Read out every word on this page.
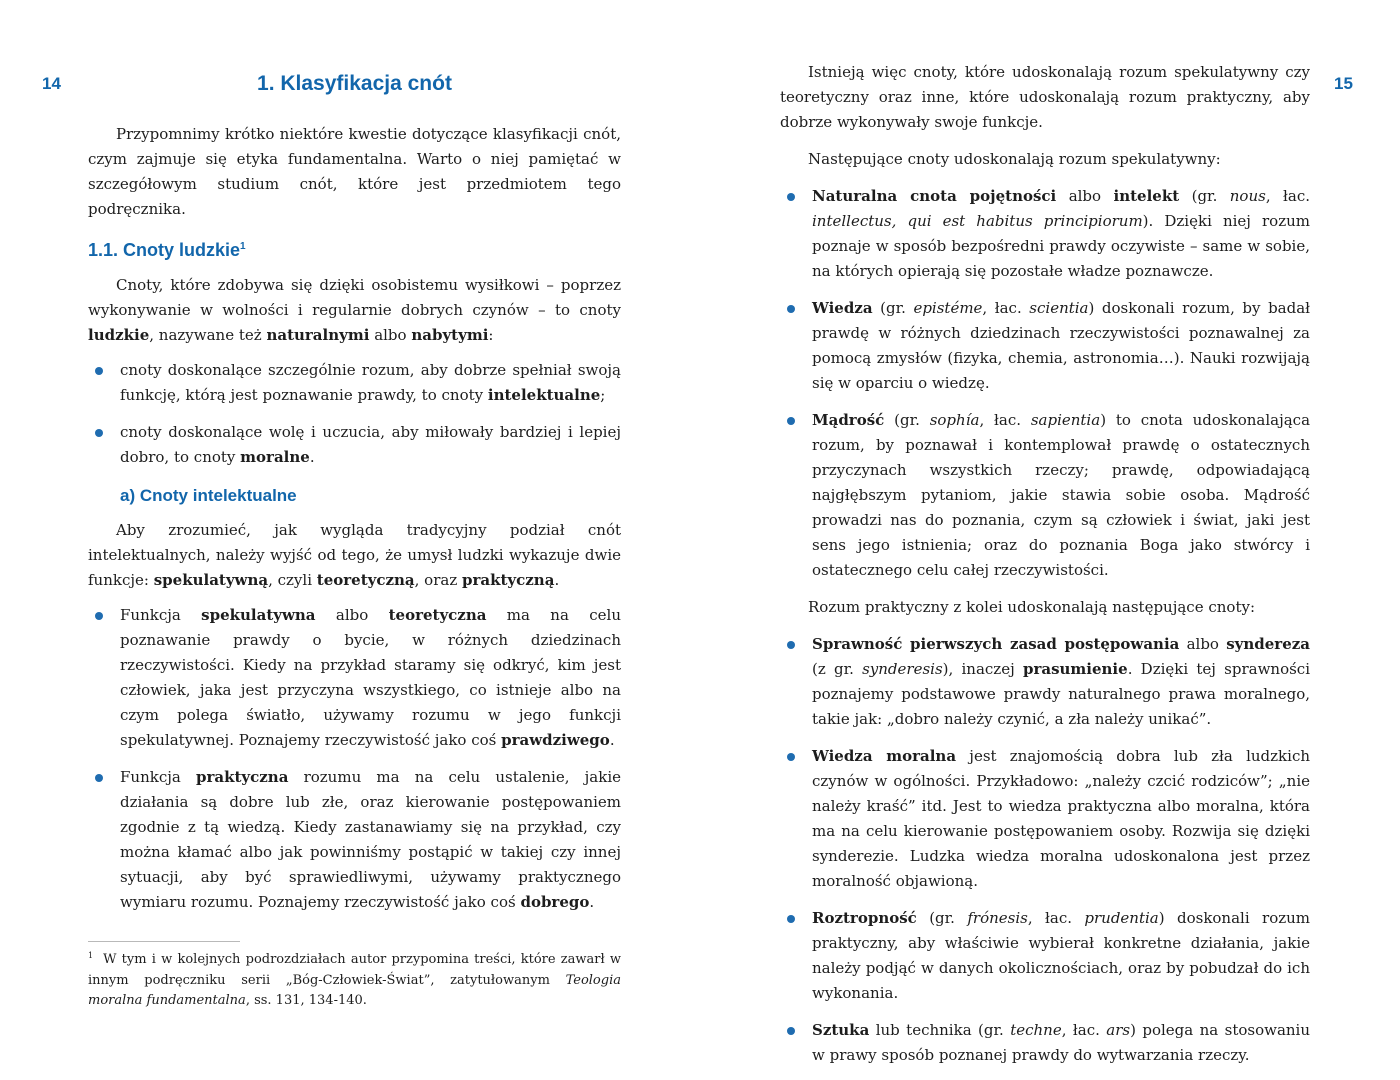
14	15
1. Klasyfikacja cnót

Przypomnimy krótko niektóre kwestie dotyczące klasyfikacji cnót, czym zajmuje się etyka fundamentalna. Warto o niej pamiętać w szczegółowym studium cnót, które jest przedmiotem tego podręcznika.

1.1. Cnoty ludzkie$^1$

Cnoty, które zdobywa się dzięki osobistemu wysiłkowi – poprzez wykonywanie w wolności i regularnie dobrych czynów – to cnoty ludzkie, nazywane też naturalnymi albo nabytymi:

cnoty doskonalące szczególnie rozum, aby dobrze spełniał swoją funkcję, którą jest poznawanie prawdy, to cnoty intelektualne;
cnoty doskonalące wolę i uczucia, aby miłowały bardziej i lepiej dobro, to cnoty moralne.
a) Cnoty intelektualne

Aby zrozumieć, jak wygląda tradycyjny podział cnót intelektualnych, należy wyjść od tego, że umysł ludzki wykazuje dwie funkcje: spekulatywną, czyli teoretyczną, oraz praktyczną.

Funkcja spekulatywna albo teoretyczna ma na celu poznawanie prawdy o bycie, w różnych dziedzinach rzeczywistości. Kiedy na przykład staramy się odkryć, kim jest człowiek, jaka jest przyczyna wszystkiego, co istnieje albo na czym polega światło, używamy rozumu w jego funkcji spekulatywnej. Poznajemy rzeczywistość jako coś prawdziwego.
Funkcja praktyczna rozumu ma na celu ustalenie, jakie działania są dobre lub złe, oraz kierowanie postępowaniem zgodnie z tą wiedzą. Kiedy zastanawiamy się na przykład, czy można kłamać albo jak powinniśmy postąpić w takiej czy innej sytuacji, aby być sprawiedliwymi, używamy praktycznego wymiaru rozumu. Poznajemy rzeczywistość jako coś dobrego.

$^1$ W tym i w kolejnych podrozdziałach autor przypomina treści, które zawarł w innym podręczniku serii „Bóg-Człowiek-Świat”, zatytułowanym Teologia moralna fundamentalna, ss. 131, 134-140.

Istnieją więc cnoty, które udoskonalają rozum spekulatywny czy teoretyczny oraz inne, które udoskonalają rozum praktyczny, aby dobrze wykonywały swoje funkcje.

Następujące cnoty udoskonalają rozum spekulatywny:

Naturalna cnota pojętności albo intelekt (gr. nous, łac. intellectus, qui est habitus principiorum). Dzięki niej rozum poznaje w sposób bezpośredni prawdy oczywiste – same w sobie, na których opierają się pozostałe władze poznawcze.
Wiedza (gr. epistéme, łac. scientia) doskonali rozum, by badał prawdę w różnych dziedzinach rzeczywistości poznawalnej za pomocą zmysłów (fizyka, chemia, astronomia…). Nauki rozwijają się w oparciu o wiedzę.
Mądrość (gr. sophía, łac. sapientia) to cnota udoskonalająca rozum, by poznawał i kontemplował prawdę o ostatecznych przyczynach wszystkich rzeczy; prawdę, odpowiadającą najgłębszym pytaniom, jakie stawia sobie osoba. Mądrość prowadzi nas do poznania, czym są człowiek i świat, jaki jest sens jego istnienia; oraz do poznania Boga jako stwórcy i ostatecznego celu całej rzeczywistości.

Rozum praktyczny z kolei udoskonalają następujące cnoty:

Sprawność pierwszych zasad postępowania albo syndereza (z gr. synderesis), inaczej prasumienie. Dzięki tej sprawności poznajemy podstawowe prawdy naturalnego prawa moralnego, takie jak: „dobro należy czynić, a zła należy unikać”.
Wiedza moralna jest znajomością dobra lub zła ludzkich czynów w ogólności. Przykładowo: „należy czcić rodziców”; „nie należy kraść” itd. Jest to wiedza praktyczna albo moralna, która ma na celu kierowanie postępowaniem osoby. Rozwija się dzięki synderezie. Ludzka wiedza moralna udoskonalona jest przez moralność objawioną.
Roztropność (gr. frónesis, łac. prudentia) doskonali rozum praktyczny, aby właściwie wybierał konkretne działania, jakie należy podjąć w danych okolicznościach, oraz by pobudzał do ich wykonania.
Sztuka lub technika (gr. techne, łac. ars) polega na stosowaniu w prawy sposób poznanej prawdy do wytwarzania rzeczy.
